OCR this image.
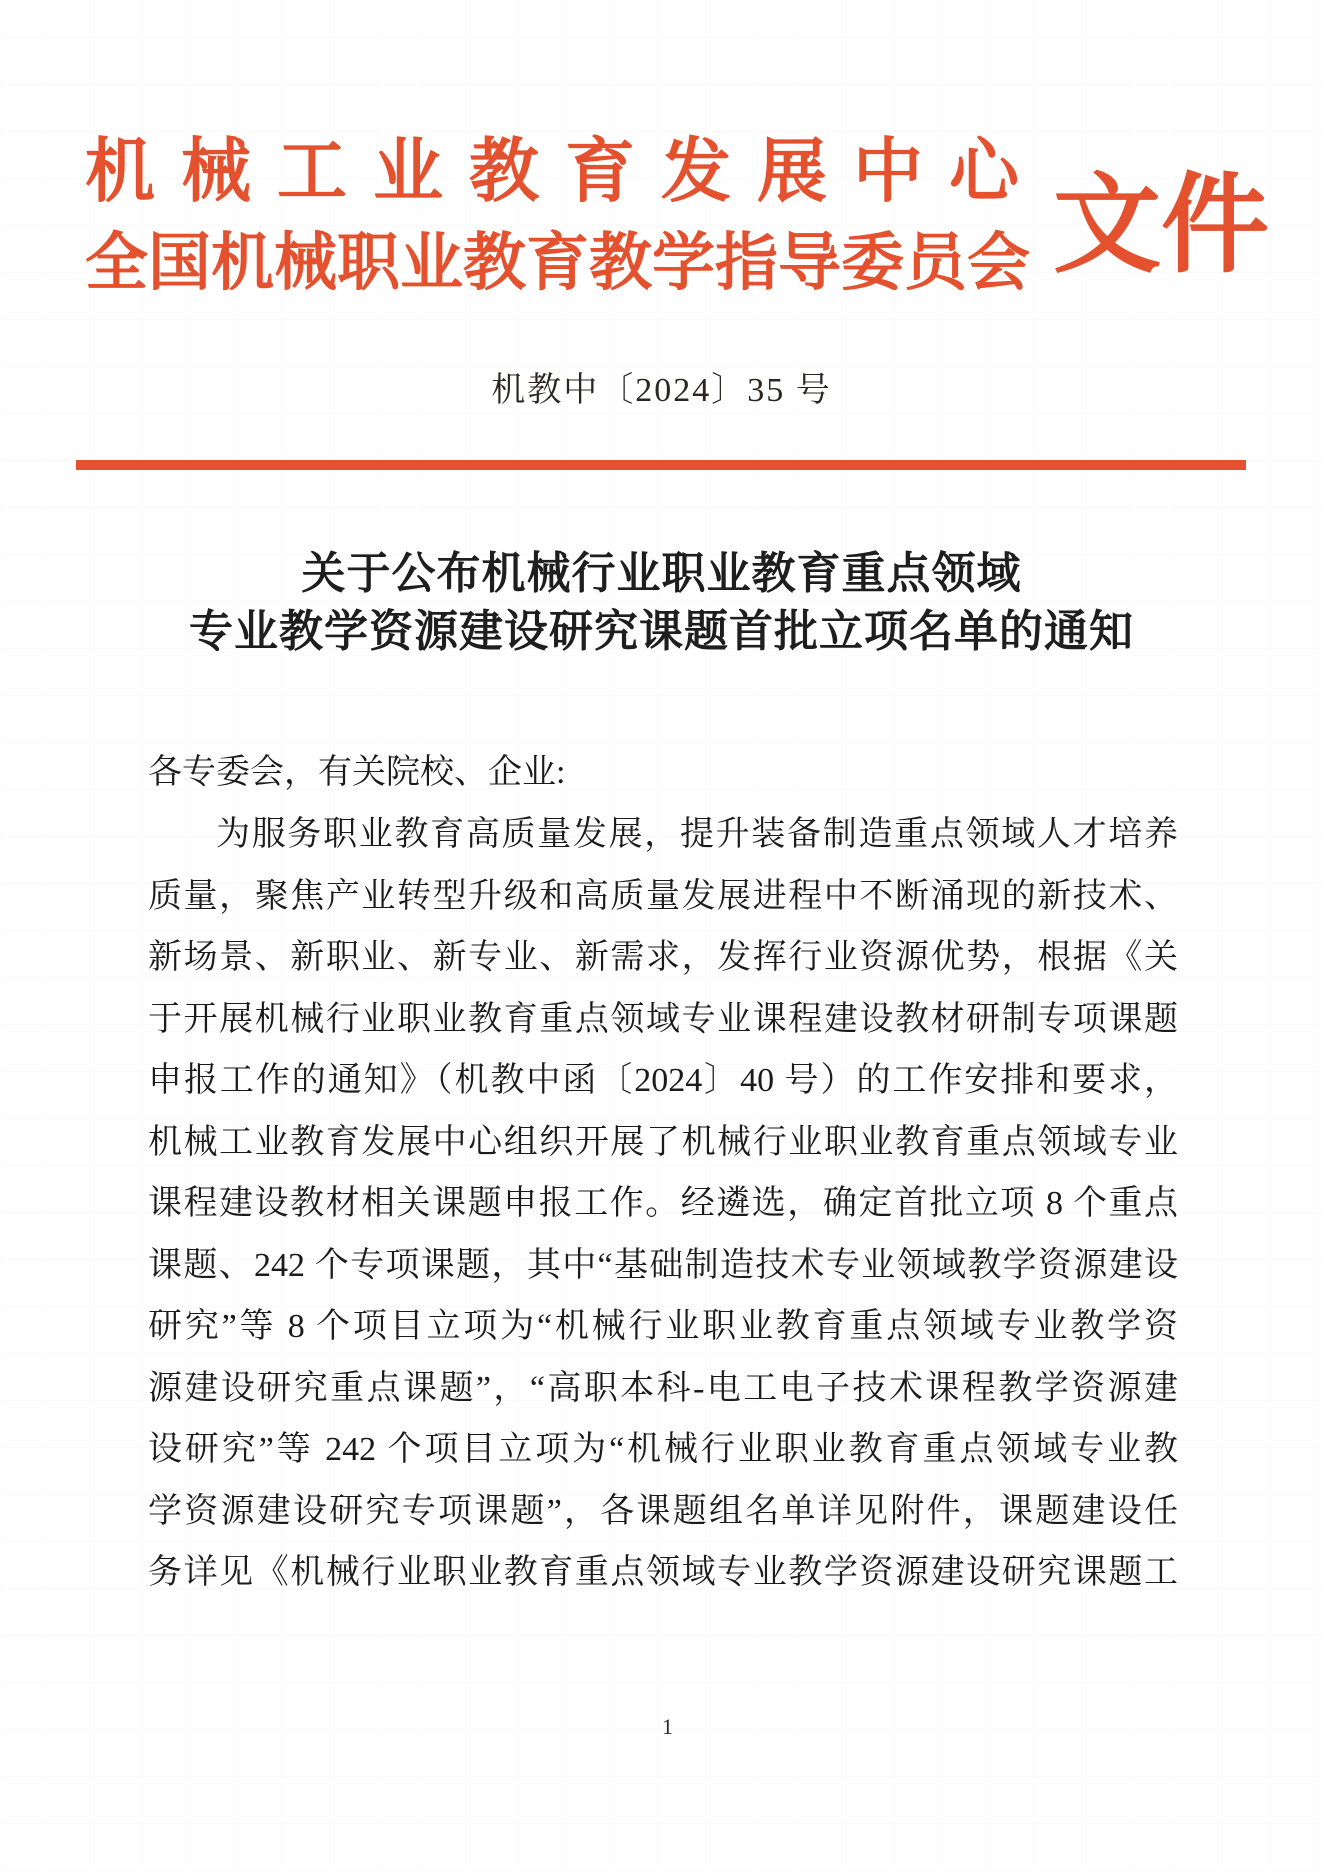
机械工业教育发展中心
全国机械职业教育教学指导委员会 文件
机教中〔2024〕35 号
关于公布机械行业职业教育重点领域
专业教学资源建设研究课题首批立项名单的通知
各专委会，有关院校、企业:
为服务职业教育高质量发展，提升装备制造重点领域人才培养
质量，聚焦产业转型升级和高质量发展进程中不断涌现的新技术、
新场景、新职业、新专业、新需求，发挥行业资源优势，根据《关
于开展机械行业职业教育重点领域专业课程建设教材研制专项课题
申报工作的通知》（机教中函〔2024〕40 号）的工作安排和要求，
机械工业教育发展中心组织开展了机械行业职业教育重点领域专业
课程建设教材相关课题申报工作。经遴选，确定首批立项 8 个重点
课题、242 个专项课题，其中“基础制造技术专业领域教学资源建设
研究”等 8 个项目立项为“机械行业职业教育重点领域专业教学资
源建设研究重点课题”，“高职本科-电工电子技术课程教学资源建
设研究”等 242 个项目立项为“机械行业职业教育重点领域专业教
学资源建设研究专项课题”，各课题组名单详见附件，课题建设任
务详见《机械行业职业教育重点领域专业教学资源建设研究课题工
1
